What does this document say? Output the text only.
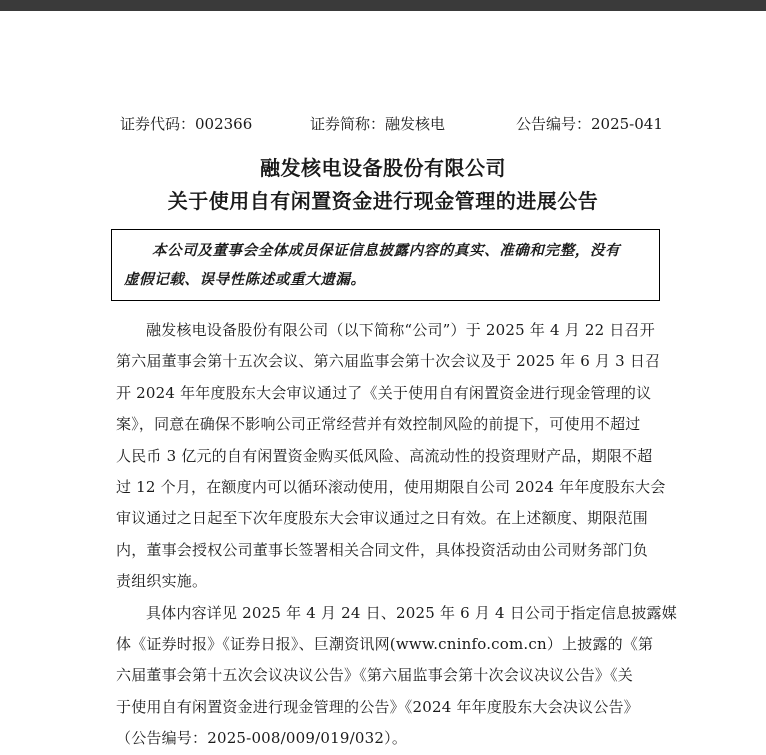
证券代码：002366	证券简称：融发核电	公告编号：2025-041
融发核电设备股份有限公司
关于使用自有闲置资金进行现金管理的进展公告
本公司及董事会全体成员保证信息披露内容的真实、准确和完整，没有
虚假记载、误导性陈述或重大遗漏。
融发核电设备股份有限公司（以下简称“公司”）于 2025 年 4 月 22 日召开
第六届董事会第十五次会议、第六届监事会第十次会议及于 2025 年 6 月 3 日召
开 2024 年年度股东大会审议通过了《关于使用自有闲置资金进行现金管理的议
案》，同意在确保不影响公司正常经营并有效控制风险的前提下，可使用不超过
人民币 3 亿元的自有闲置资金购买低风险、高流动性的投资理财产品，期限不超
过 12 个月，在额度内可以循环滚动使用，使用期限自公司 2024 年年度股东大会
审议通过之日起至下次年度股东大会审议通过之日有效。在上述额度、期限范围
内，董事会授权公司董事长签署相关合同文件，具体投资活动由公司财务部门负
责组织实施。
具体内容详见 2025 年 4 月 24 日、2025 年 6 月 4 日公司于指定信息披露媒
体《证券时报》《证券日报》、巨潮资讯网(www.cninfo.com.cn）上披露的《第
六届董事会第十五次会议决议公告》《第六届监事会第十次会议决议公告》《关
于使用自有闲置资金进行现金管理的公告》《2024 年年度股东大会决议公告》
（公告编号：2025-008/009/019/032）。
